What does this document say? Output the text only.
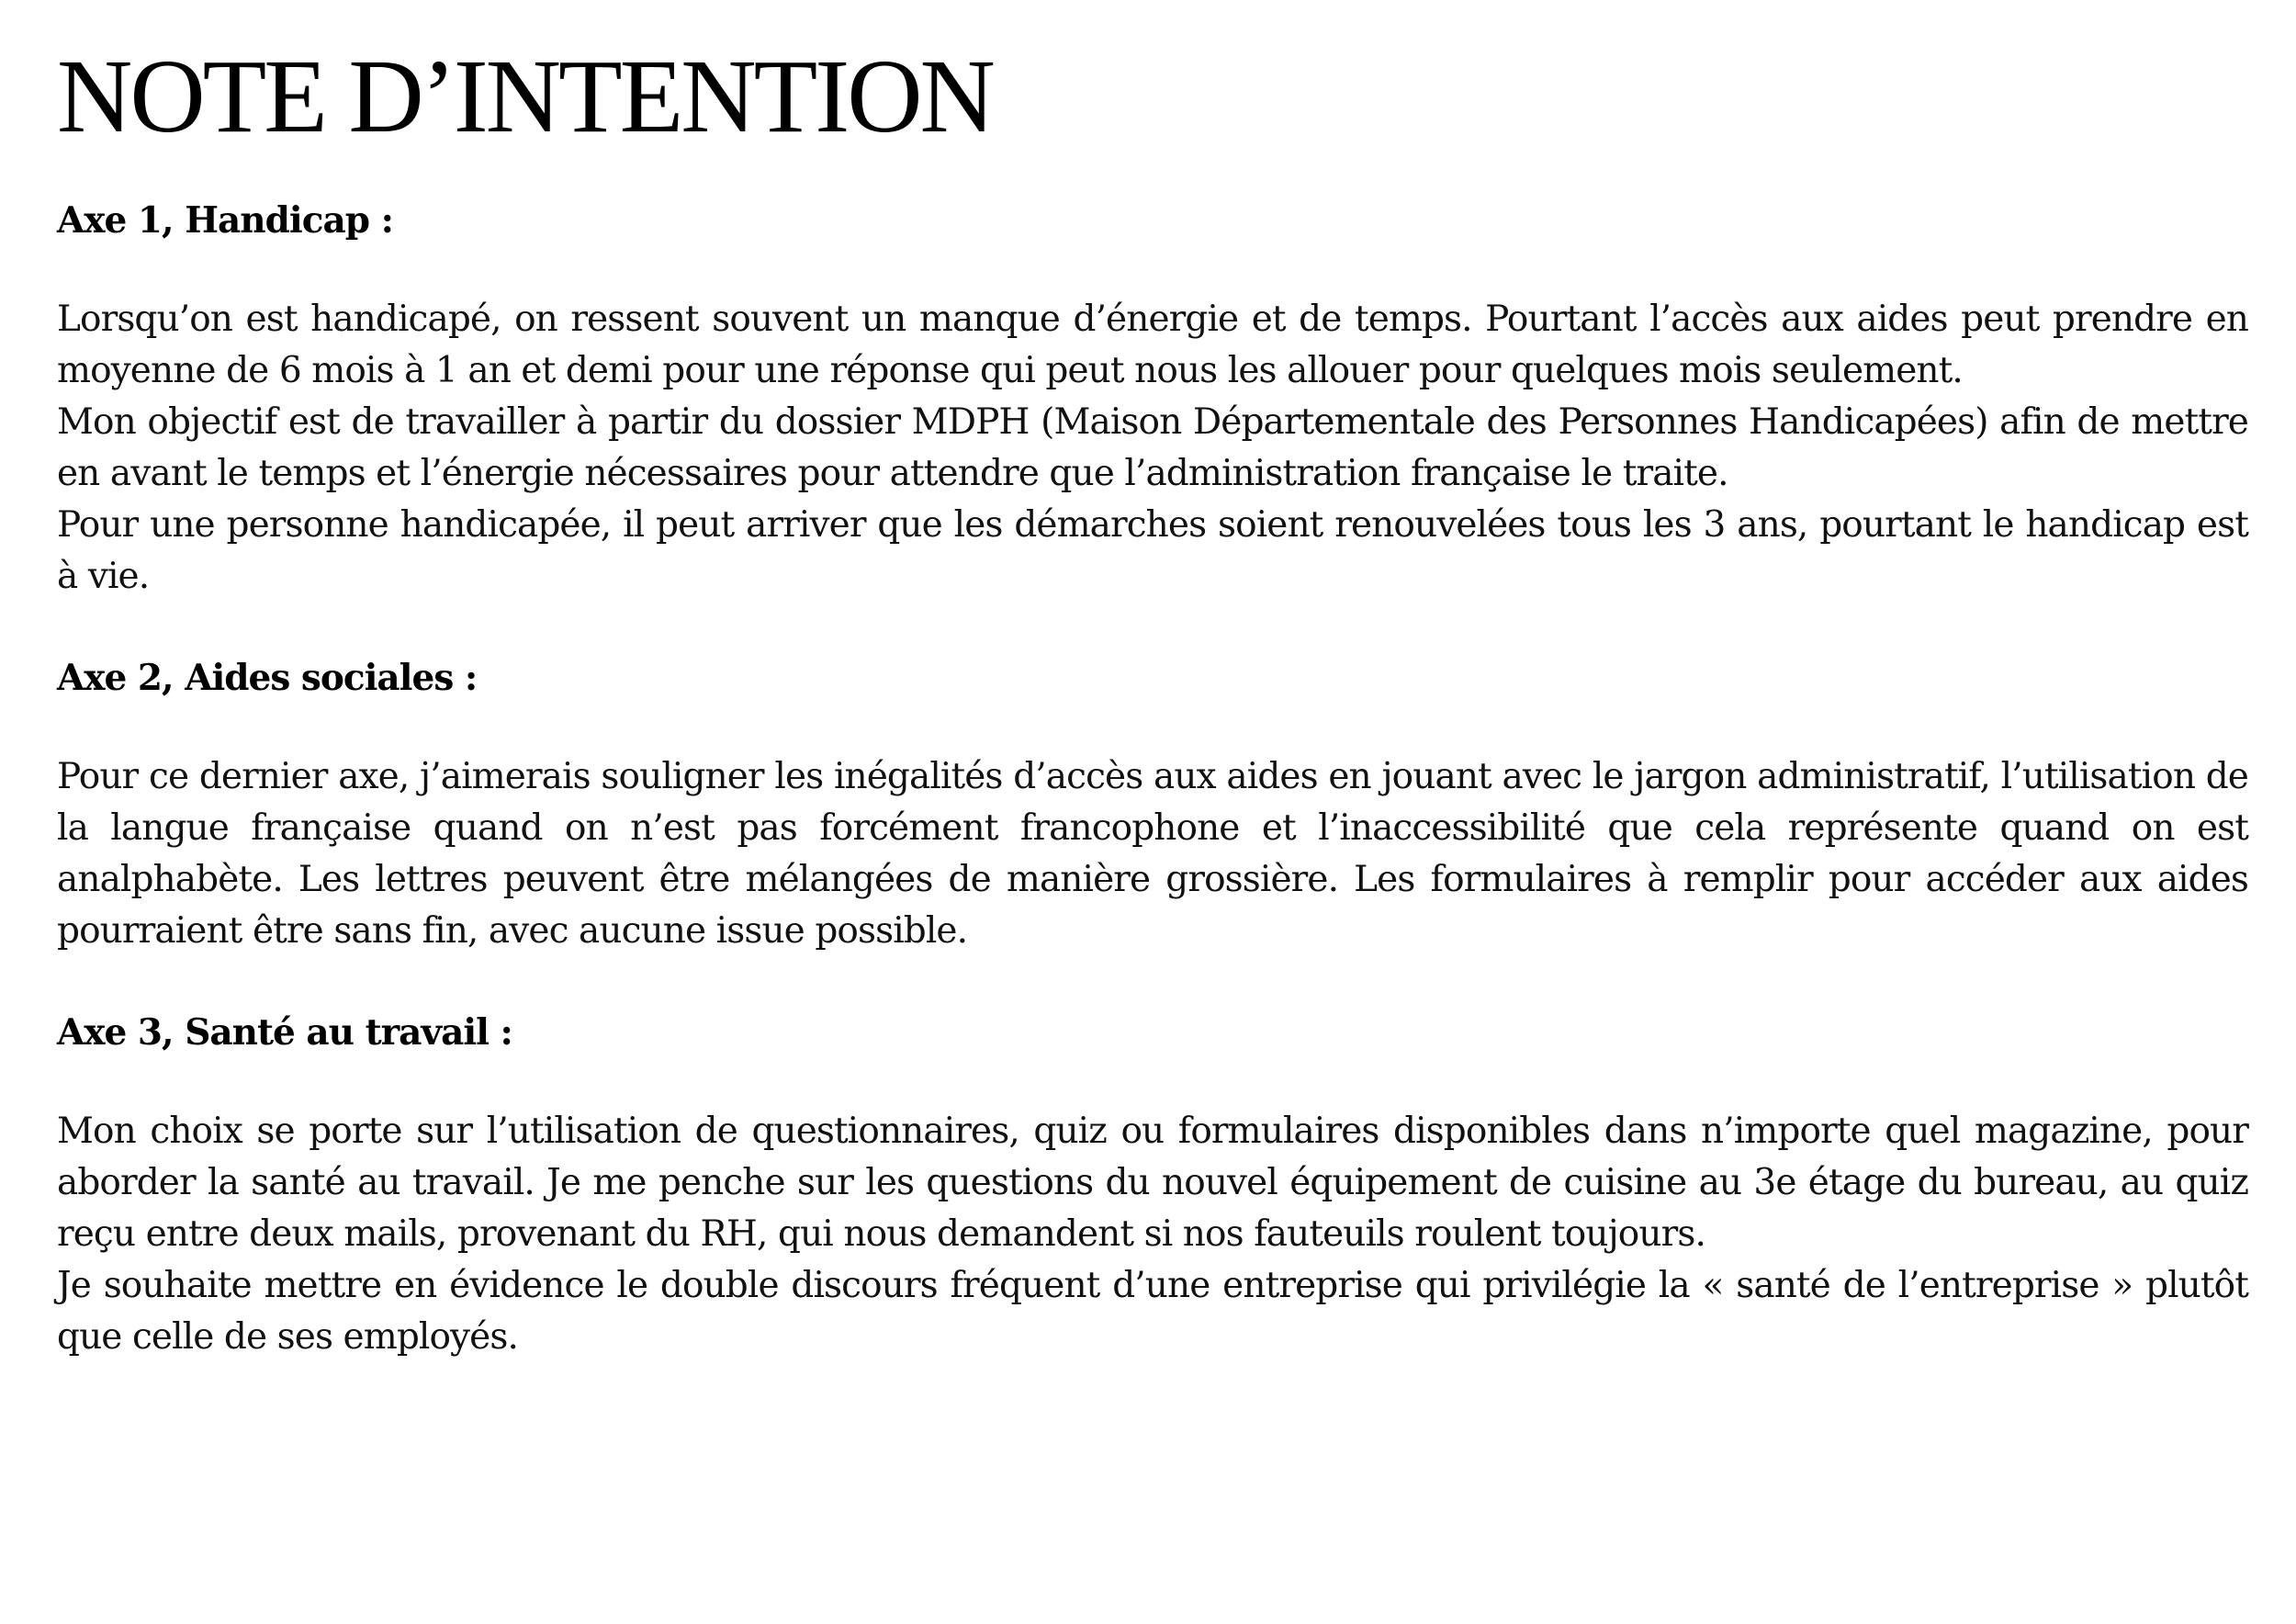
NOTE D’INTENTION
Axe 1, Handicap :

Lorsqu’on est handicapé, on ressent souvent un manque d’énergie et de temps. Pourtant l’accès aux aides peut prendre en moyenne de 6 mois à 1 an et demi pour une réponse qui peut nous les allouer pour quelques mois seulement.

Mon objectif est de travailler à partir du dossier MDPH (Maison Départementale des Personnes Handicapées) afin de mettre en avant le temps et l’énergie nécessaires pour attendre que l’administration française le traite.

Pour une personne handicapée, il peut arriver que les démarches soient renouvelées tous les 3 ans, pourtant le handicap est à vie.

Axe 2, Aides sociales :

Pour ce dernier axe, j’aimerais souligner les inégalités d’accès aux aides en jouant avec le jargon administratif, l’utilisation de la langue française quand on n’est pas forcément francophone et l’inaccessibilité que cela représente quand on est analphabète. Les lettres peuvent être mélangées de manière grossière. Les formulaires à remplir pour accéder aux aides pourraient être sans fin, avec aucune issue possible.

Axe 3, Santé au travail :

Mon choix se porte sur l’utilisation de questionnaires, quiz ou formulaires disponibles dans n’importe quel magazine, pour aborder la santé au travail. Je me penche sur les questions du nouvel équipement de cuisine au 3e étage du bureau, au quiz reçu entre deux mails, provenant du RH, qui nous demandent si nos fauteuils roulent toujours.

Je souhaite mettre en évidence le double discours fréquent d’une entreprise qui privilégie la « santé de l’entreprise » plutôt que celle de ses employés.
